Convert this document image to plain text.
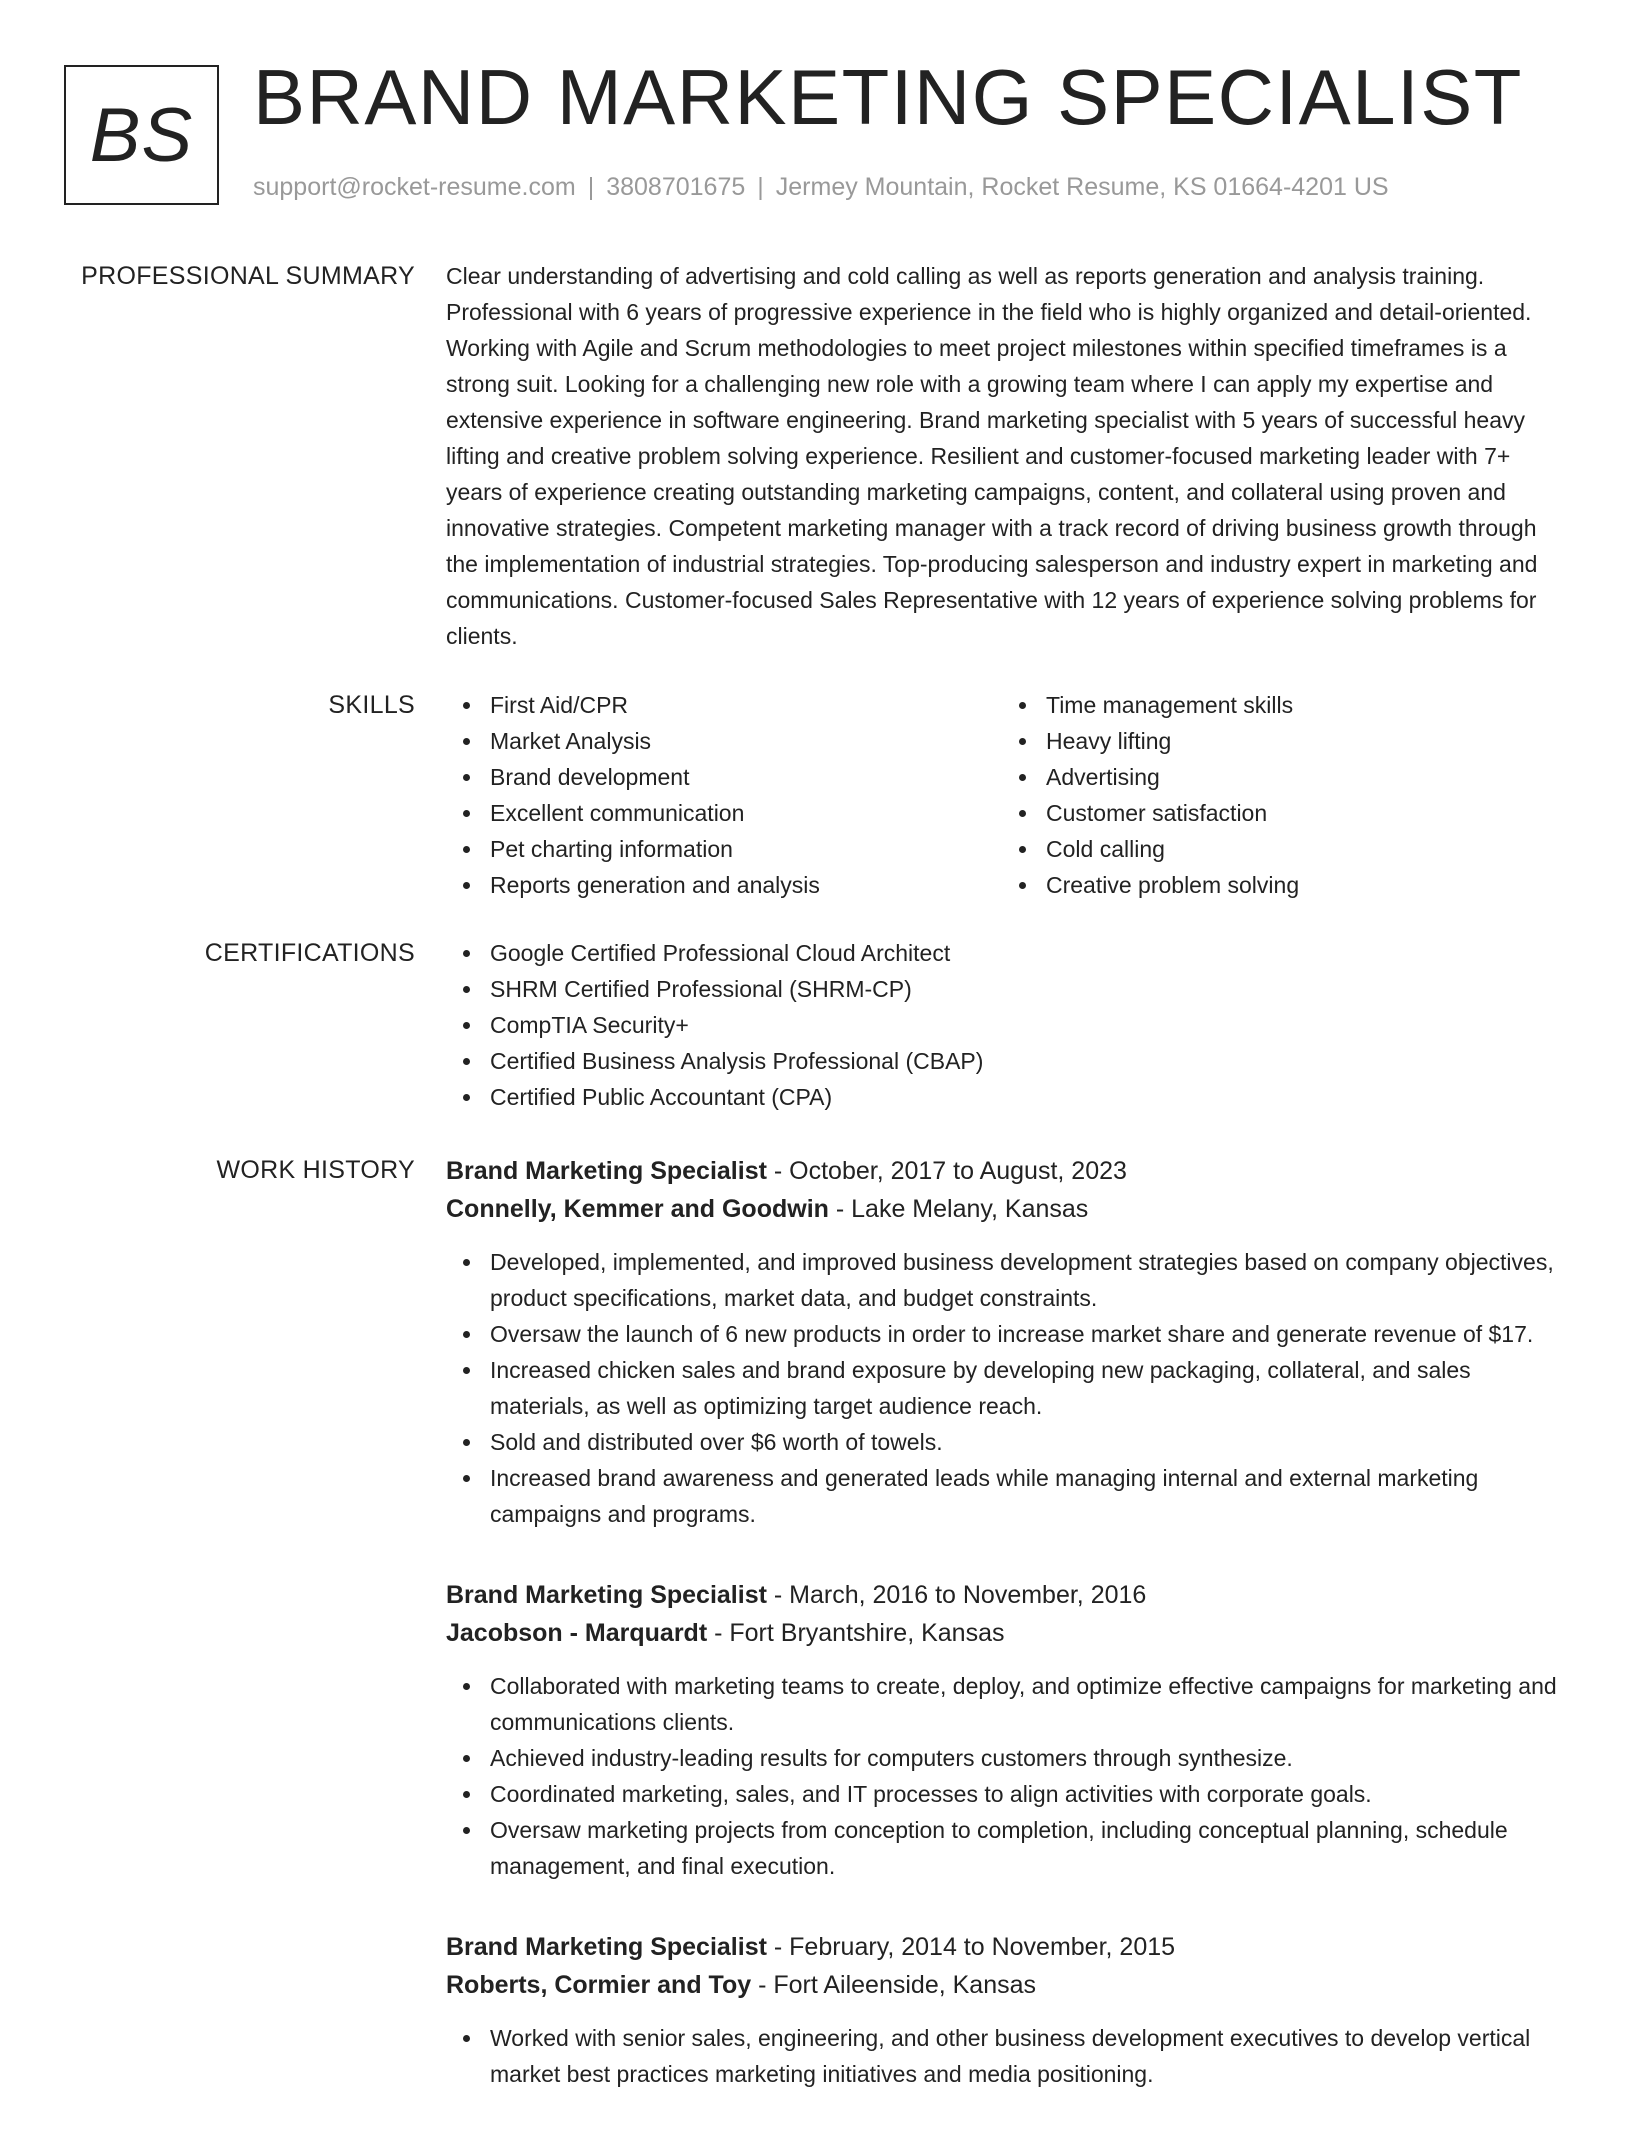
BS BRAND MARKETING SPECIALIST

support@rocket-resume.com | 3808701675 | Jermey Mountain, Rocket Resume, KS 01664-4201 US

PROFESSIONAL SUMMARY Clear understanding of advertising and cold calling as well as reports generation and analysis training. Professional with 6 years of progressive experience in the field who is highly organized and detail-oriented. Working with Agile and Scrum methodologies to meet project milestones within specified timeframes is a strong suit. Looking for a challenging new role with a growing team where I can apply my expertise and extensive experience in software engineering. Brand marketing specialist with 5 years of successful heavy lifting and creative problem solving experience. Resilient and customer-focused marketing leader with 7+ years of experience creating outstanding marketing campaigns, content, and collateral using proven and innovative strategies. Competent marketing manager with a track record of driving business growth through the implementation of industrial strategies. Top-producing salesperson and industry expert in marketing and communications. Customer-focused Sales Representative with 12 years of experience solving problems for clients.

SKILLS	First Aid/CPR
Market Analysis
Brand development
Excellent communication
Pet charting information
Reports generation and analysis
Time management skills
Heavy lifting
Advertising
Customer satisfaction
Cold calling
Creative problem solving
CERTIFICATIONS	Google Certified Professional Cloud Architect
SHRM Certified Professional (SHRM-CP)
CompTIA Security+
Certified Business Analysis Professional (CBAP)
Certified Public Accountant (CPA)
WORK HISTORY Brand Marketing Specialist - October, 2017 to August, 2023
Connelly, Kemmer and Goodwin - Lake Melany, Kansas
Developed, implemented, and improved business development strategies based on company objectives, product specifications, market data, and budget constraints.
Oversaw the launch of 6 new products in order to increase market share and generate revenue of $17.
Increased chicken sales and brand exposure by developing new packaging, collateral, and sales materials, as well as optimizing target audience reach.
Sold and distributed over $6 worth of towels.
Increased brand awareness and generated leads while managing internal and external marketing campaigns and programs.
Brand Marketing Specialist - March, 2016 to November, 2016
Jacobson - Marquardt - Fort Bryantshire, Kansas
Collaborated with marketing teams to create, deploy, and optimize effective campaigns for marketing and communications clients.
Achieved industry-leading results for computers customers through synthesize.
Coordinated marketing, sales, and IT processes to align activities with corporate goals.
Oversaw marketing projects from conception to completion, including conceptual planning, schedule management, and final execution.
Brand Marketing Specialist - February, 2014 to November, 2015
Roberts, Cormier and Toy - Fort Aileenside, Kansas
Worked with senior sales, engineering, and other business development executives to develop vertical market best practices marketing initiatives and media positioning.
